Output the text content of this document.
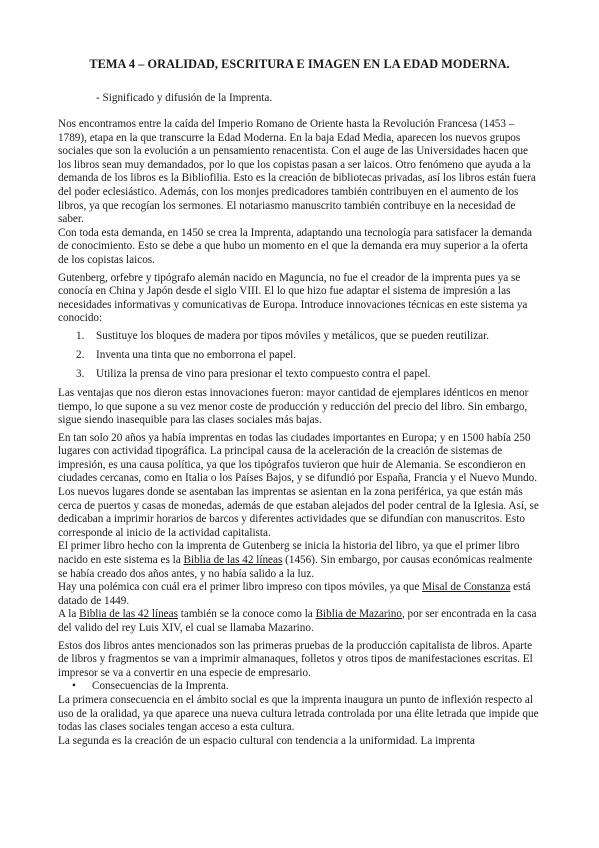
TEMA 4 – ORALIDAD, ESCRITURA E IMAGEN EN LA EDAD MODERNA.

- Significado y difusión de la Imprenta.

Nos encontramos entre la caída del Imperio Romano de Oriente hasta la Revolución Francesa (1453 – 1789), etapa en la que transcurre la Edad Moderna. En la baja Edad Media, aparecen los nuevos grupos sociales que son la evolución a un pensamiento renacentista. Con el auge de las Universidades hacen que los libros sean muy demandados, por lo que los copistas pasan a ser laicos. Otro fenómeno que ayuda a la demanda de los libros es la Bibliofilia. Esto es la creación de bibliotecas privadas, así los libros están fuera del poder eclesiástico. Además, con los monjes predicadores también contribuyen en el aumento de los libros, ya que recogían los sermones. El notariasmo manuscrito también contribuye en la necesidad de saber.

Con toda esta demanda, en 1450 se crea la Imprenta, adaptando una tecnología para satisfacer la demanda de conocimiento. Esto se debe a que hubo un momento en el que la demanda era muy superior a la oferta de los copistas laicos.

Gutenberg, orfebre y tipógrafo alemán nacido en Maguncia, no fue el creador de la imprenta pues ya se conocía en China y Japón desde el siglo VIII. El lo que hizo fue adaptar el sistema de impresión a las necesidades informativas y comunicativas de Europa. Introduce innovaciones técnicas en este sistema ya conocido:

1. Sustituye los bloques de madera por tipos móviles y metálicos, que se pueden reutilizar.
2. Inventa una tinta que no emborrona el papel.
3. Utiliza la prensa de vino para presionar el texto compuesto contra el papel.

Las ventajas que nos dieron estas innovaciones fueron: mayor cantidad de ejemplares idénticos en menor tiempo, lo que supone a su vez menor coste de producción y reducción del precio del libro. Sin embargo, sigue siendo inasequible para las clases sociales más bajas.

En tan solo 20 años ya había imprentas en todas las ciudades importantes en Europa; y en 1500 había 250 lugares con actividad tipográfica. La principal causa de la aceleración de la creación de sistemas de impresión, es una causa política, ya que los tipógrafos tuvieron que huir de Alemania. Se escondieron en ciudades cercanas, como en Italia o los Países Bajos, y se difundió por España, Francia y el Nuevo Mundo.

Los nuevos lugares donde se asentaban las imprentas se asientan en la zona periférica, ya que están más cerca de puertos y casas de monedas, además de que estaban alejados del poder central de la Iglesia. Así, se dedicaban a imprimir horarios de barcos y diferentes actividades que se difundían con manuscritos. Esto corresponde al inicio de la actividad capitalista.

El primer libro hecho con la imprenta de Gutenberg se inicia la historia del libro, ya que el primer libro nacido en este sistema es la Biblia de las 42 líneas (1456). Sin embargo, por causas económicas realmente se había creado dos años antes, y no había salido a la luz.

Hay una polémica con cuál era el primer libro impreso con tipos móviles, ya que Misal de Constanza está datado de 1449.

A la Biblia de las 42 líneas también se la conoce como la Biblia de Mazarino, por ser encontrada en la casa del valido del rey Luis XIV, el cual se llamaba Mazarino.

Estos dos libros antes mencionados son las primeras pruebas de la producción capitalista de libros. Aparte de libros y fragmentos se van a imprimir almanaques, folletos y otros tipos de manifestaciones escritas. El impresor se va a convertir en una especie de empresario.

• Consecuencias de la Imprenta.

La primera consecuencia en el ámbito social es que la imprenta inaugura un punto de inflexión respecto al uso de la oralidad, ya que aparece una nueva cultura letrada controlada por una élite letrada que impide que todas las clases sociales tengan acceso a esta cultura.

La segunda es la creación de un espacio cultural con tendencia a la uniformidad. La imprenta
